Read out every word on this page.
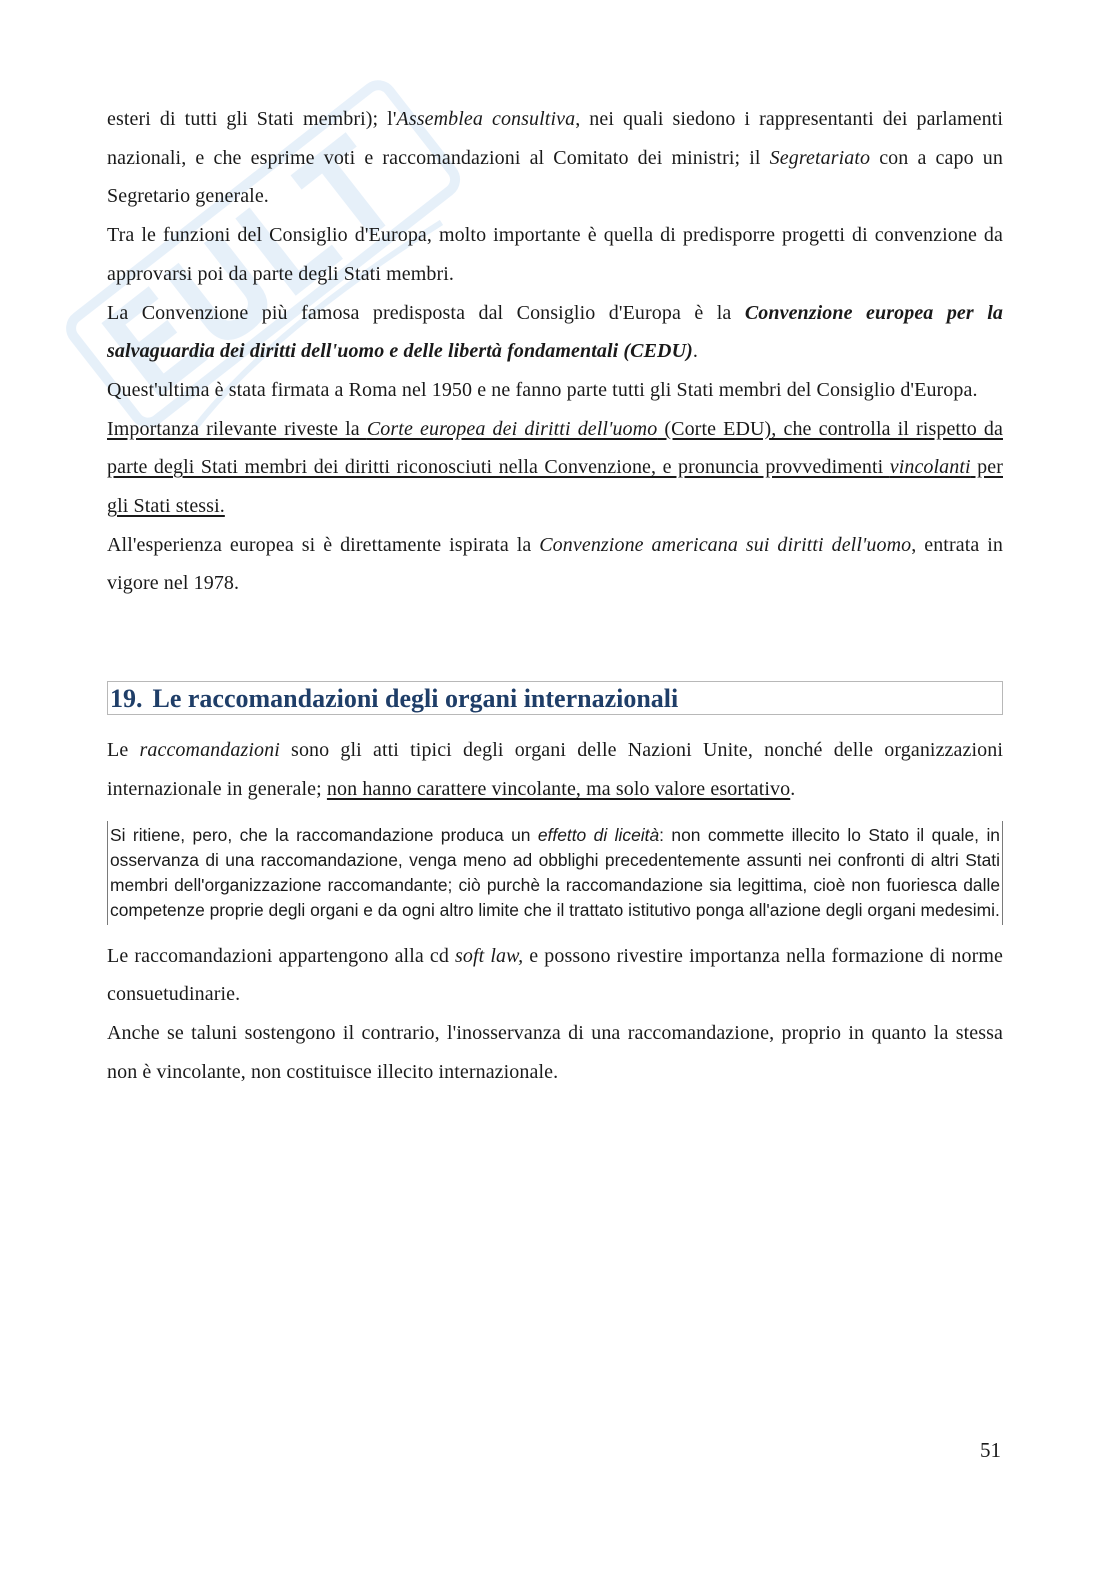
esteri di tutti gli Stati membri); l'Assemblea consultiva, nei quali siedono i rappresentanti dei parlamenti nazionali, e che esprime voti e raccomandazioni al Comitato dei ministri; il Segretariato con a capo un Segretario generale.

Tra le funzioni del Consiglio d'Europa, molto importante è quella di predisporre progetti di convenzione da approvarsi poi da parte degli Stati membri.

La Convenzione più famosa predisposta dal Consiglio d'Europa è la Convenzione europea per la salvaguardia dei diritti dell'uomo e delle libertà fondamentali (CEDU).

Quest'ultima è stata firmata a Roma nel 1950 e ne fanno parte tutti gli Stati membri del Consiglio d'Europa.

Importanza rilevante riveste la Corte europea dei diritti dell'uomo (Corte EDU), che controlla il rispetto da parte degli Stati membri dei diritti riconosciuti nella Convenzione, e pronuncia provvedimenti vincolanti per gli Stati stessi.

All'esperienza europea si è direttamente ispirata la Convenzione americana sui diritti dell'uomo, entrata in vigore nel 1978.

19. Le raccomandazioni degli organi internazionali

Le raccomandazioni sono gli atti tipici degli organi delle Nazioni Unite, nonché delle organizzazioni internazionale in generale; non hanno carattere vincolante, ma solo valore esortativo.

Si ritiene, pero, che la raccomandazione produca un effetto di liceità: non commette illecito lo Stato il quale, in osservanza di una raccomandazione, venga meno ad obblighi precedentemente assunti nei confronti di altri Stati membri dell'organizzazione raccomandante; ciò purchè la raccomandazione sia legittima, cioè non fuoriesca dalle competenze proprie degli organi e da ogni altro limite che il trattato istitutivo ponga all'azione degli organi medesimi.

Le raccomandazioni appartengono alla cd soft law, e possono rivestire importanza nella formazione di norme consuetudinarie.

Anche se taluni sostengono il contrario, l'inosservanza di una raccomandazione, proprio in quanto la stessa non è vincolante, non costituisce illecito internazionale.

51
